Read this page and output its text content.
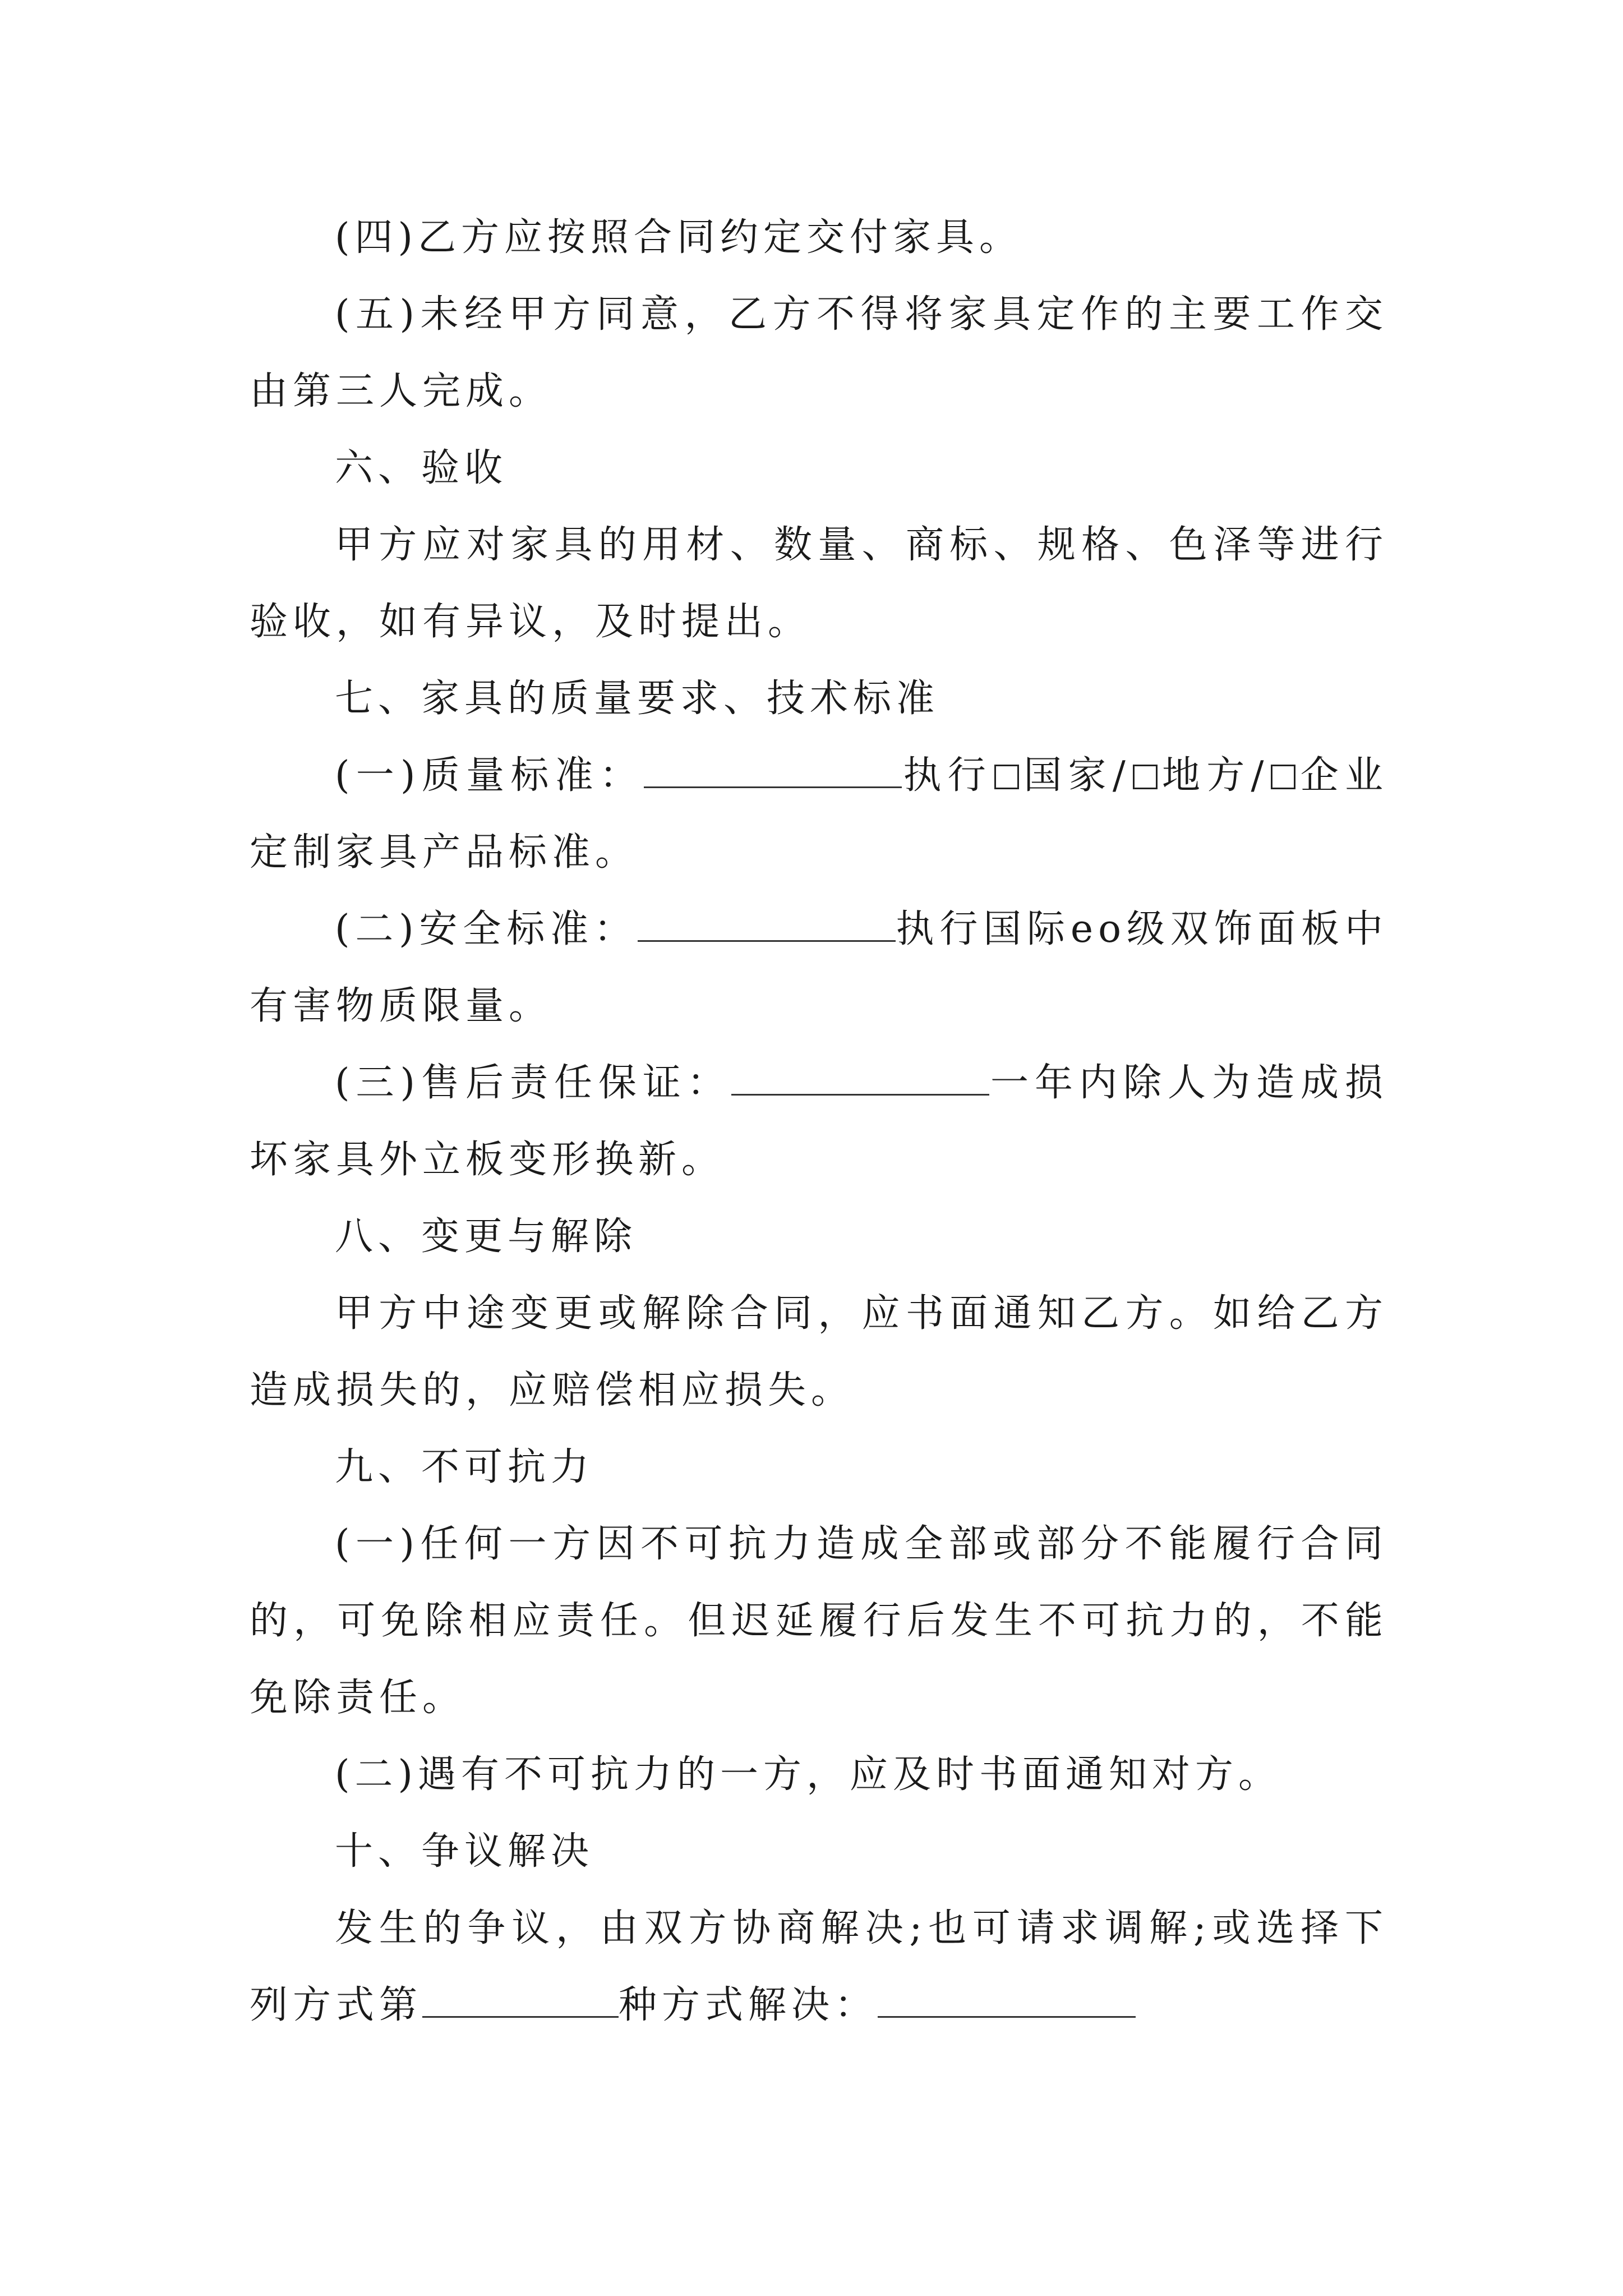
(四)乙方应按照合同约定交付家具。

(五)未经甲方同意，乙方不得将家具定作的主要工作交由第三人完成。

六、验收

甲方应对家具的用材、数量、商标、规格、色泽等进行验收，如有异议，及时提出。

七、家具的质量要求、技术标准

(一)质量标准：	执行 国家/ 地方/ 企业定制家具产品标准。

(二)安全标准：	执行国际eo级双饰面板中有害物质限量。

(三)售后责任保证：	一年内除人为造成损坏家具外立板变形换新。

八、变更与解除

甲方中途变更或解除合同，应书面通知乙方。如给乙方造成损失的，应赔偿相应损失。

九、不可抗力

(一)任何一方因不可抗力造成全部或部分不能履行合同的，可免除相应责任。但迟延履行后发生不可抗力的，不能免除责任。

(二)遇有不可抗力的一方，应及时书面通知对方。

十、争议解决

发生的争议，由双方协商解决;也可请求调解;或选择下列方式第	种方式解决：
